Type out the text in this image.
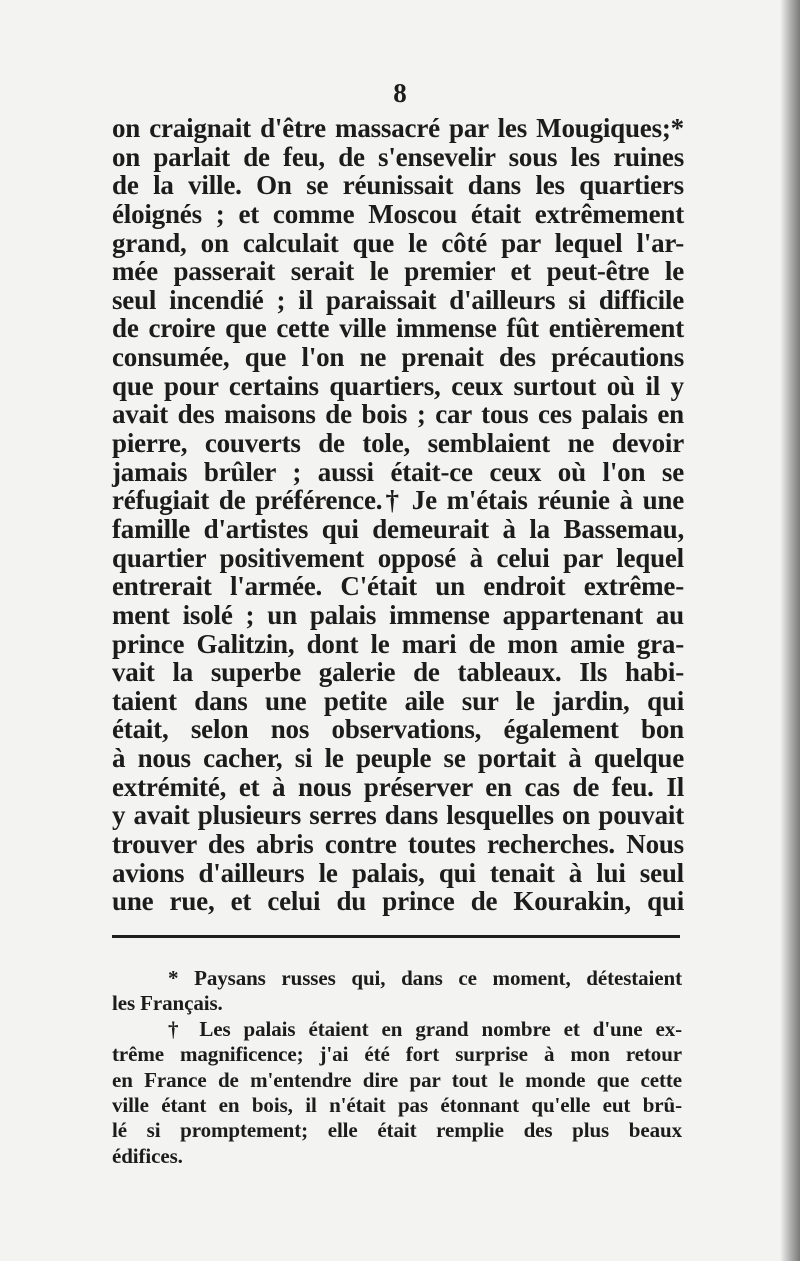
8
on craignait d'être massacré par les Mougiques;*
on parlait de feu, de s'ensevelir sous les ruines
de la ville. On se réunissait dans les quartiers
éloignés ; et comme Moscou était extrêmement
grand, on calculait que le côté par lequel l'ar-
mée passerait serait le premier et peut-être le
seul incendié ; il paraissait d'ailleurs si difficile
de croire que cette ville immense fût entièrement
consumée, que l'on ne prenait des précautions
que pour certains quartiers, ceux surtout où il y
avait des maisons de bois ; car tous ces palais en
pierre, couverts de tole, semblaient ne devoir
jamais brûler ; aussi était-ce ceux où l'on se
réfugiait de préférence.† Je m'étais réunie à une
famille d'artistes qui demeurait à la Bassemau,
quartier positivement opposé à celui par lequel
entrerait l'armée. C'était un endroit extrême-
ment isolé ; un palais immense appartenant au
prince Galitzin, dont le mari de mon amie gra-
vait la superbe galerie de tableaux. Ils habi-
taient dans une petite aile sur le jardin, qui
était, selon nos observations, également bon
à nous cacher, si le peuple se portait à quelque
extrémité, et à nous préserver en cas de feu. Il
y avait plusieurs serres dans lesquelles on pouvait
trouver des abris contre toutes recherches. Nous
avions d'ailleurs le palais, qui tenait à lui seul
une rue, et celui du prince de Kourakin, qui
* Paysans russes qui, dans ce moment, détestaient
les Français.
† Les palais étaient en grand nombre et d'une ex-
trême magnificence; j'ai été fort surprise à mon retour
en France de m'entendre dire par tout le monde que cette
ville étant en bois, il n'était pas étonnant qu'elle eut brû-
lé si promptement; elle était remplie des plus beaux
édifices.
